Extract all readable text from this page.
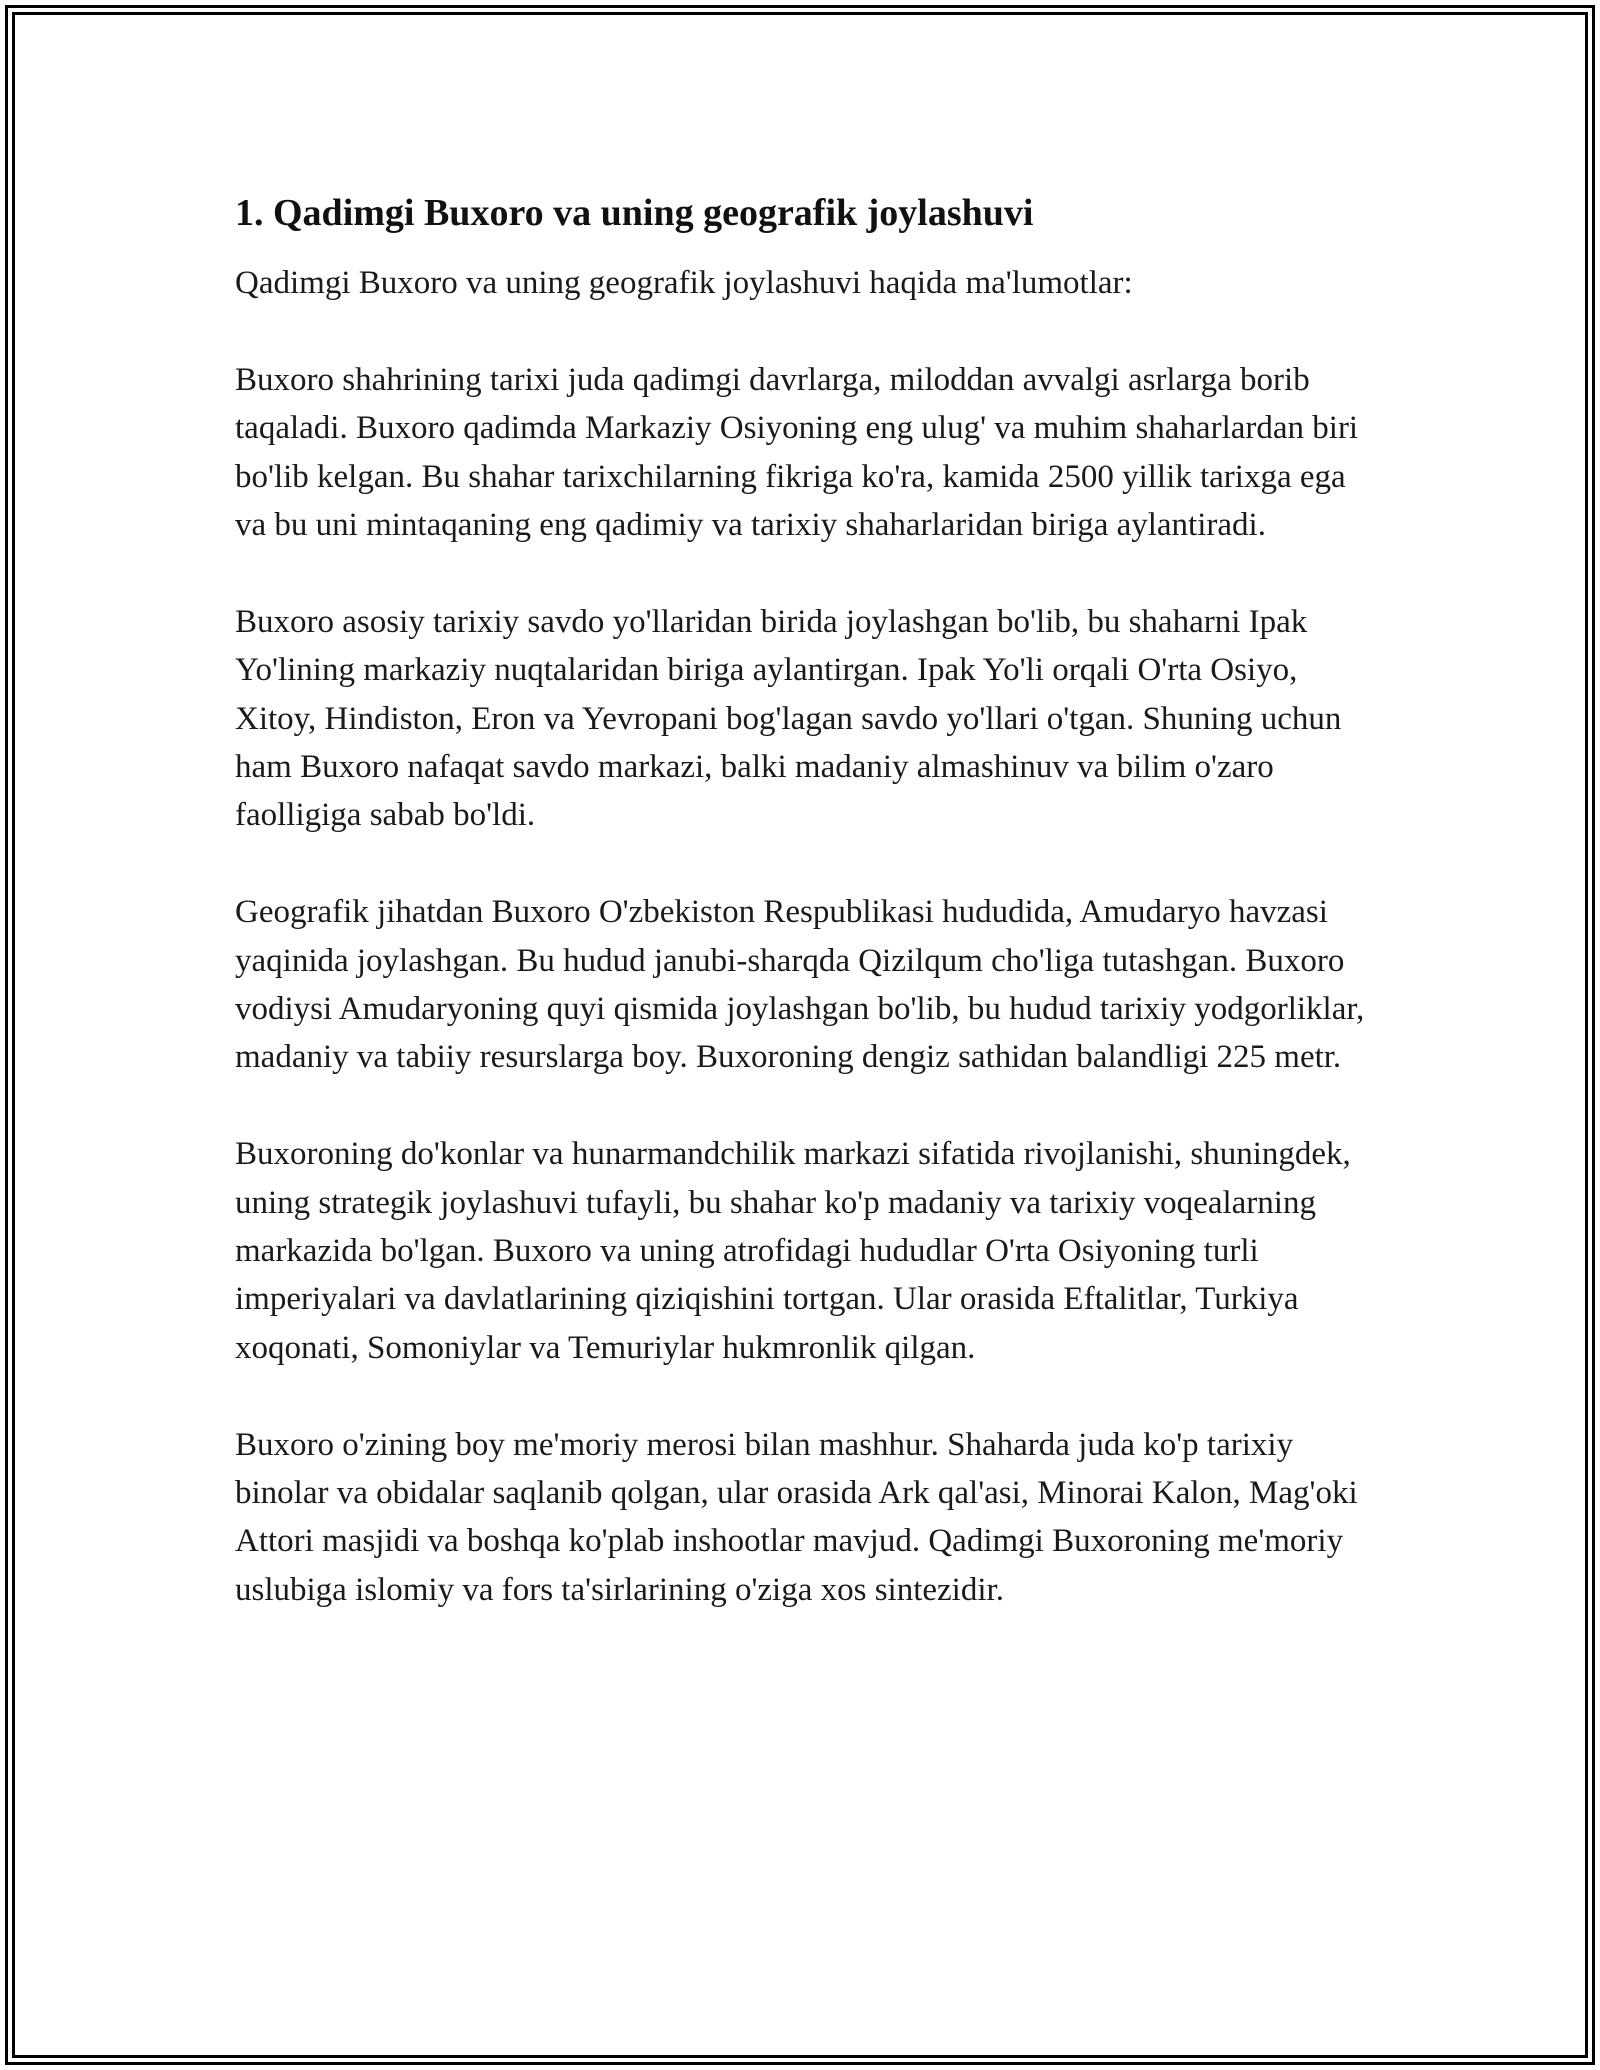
1. Qadimgi Buxoro va uning geografik joylashuvi

Qadimgi Buxoro va uning geografik joylashuvi haqida ma'lumotlar:

Buxoro shahrining tarixi juda qadimgi davrlarga, miloddan avvalgi asrlarga borib taqaladi. Buxoro qadimda Markaziy Osiyoning eng ulug' va muhim shaharlardan biri bo'lib kelgan. Bu shahar tarixchilarning fikriga ko'ra, kamida 2500 yillik tarixga ega va bu uni mintaqaning eng qadimiy va tarixiy shaharlaridan biriga aylantiradi.

Buxoro asosiy tarixiy savdo yo'llaridan birida joylashgan bo'lib, bu shaharni Ipak Yo'lining markaziy nuqtalaridan biriga aylantirgan. Ipak Yo'li orqali O'rta Osiyo, Xitoy, Hindiston, Eron va Yevropani bog'lagan savdo yo'llari o'tgan. Shuning uchun ham Buxoro nafaqat savdo markazi, balki madaniy almashinuv va bilim o'zaro faolligiga sabab bo'ldi.

Geografik jihatdan Buxoro O'zbekiston Respublikasi hududida, Amudaryo havzasi yaqinida joylashgan. Bu hudud janubi-sharqda Qizilqum cho'liga tutashgan. Buxoro vodiysi Amudaryoning quyi qismida joylashgan bo'lib, bu hudud tarixiy yodgorliklar, madaniy va tabiiy resurslarga boy. Buxoroning dengiz sathidan balandligi 225 metr.

Buxoroning do'konlar va hunarmandchilik markazi sifatida rivojlanishi, shuningdek, uning strategik joylashuvi tufayli, bu shahar ko'p madaniy va tarixiy voqealarning markazida bo'lgan. Buxoro va uning atrofidagi hududlar O'rta Osiyoning turli imperiyalari va davlatlarining qiziqishini tortgan. Ular orasida Eftalitlar, Turkiya xoqonati, Somoniylar va Temuriylar hukmronlik qilgan.

Buxoro o'zining boy me'moriy merosi bilan mashhur. Shaharda juda ko'p tarixiy binolar va obidalar saqlanib qolgan, ular orasida Ark qal'asi, Minorai Kalon, Mag'oki Attori masjidi va boshqa ko'plab inshootlar mavjud. Qadimgi Buxoroning me'moriy uslubiga islomiy va fors ta'sirlarining o'ziga xos sintezidir.
